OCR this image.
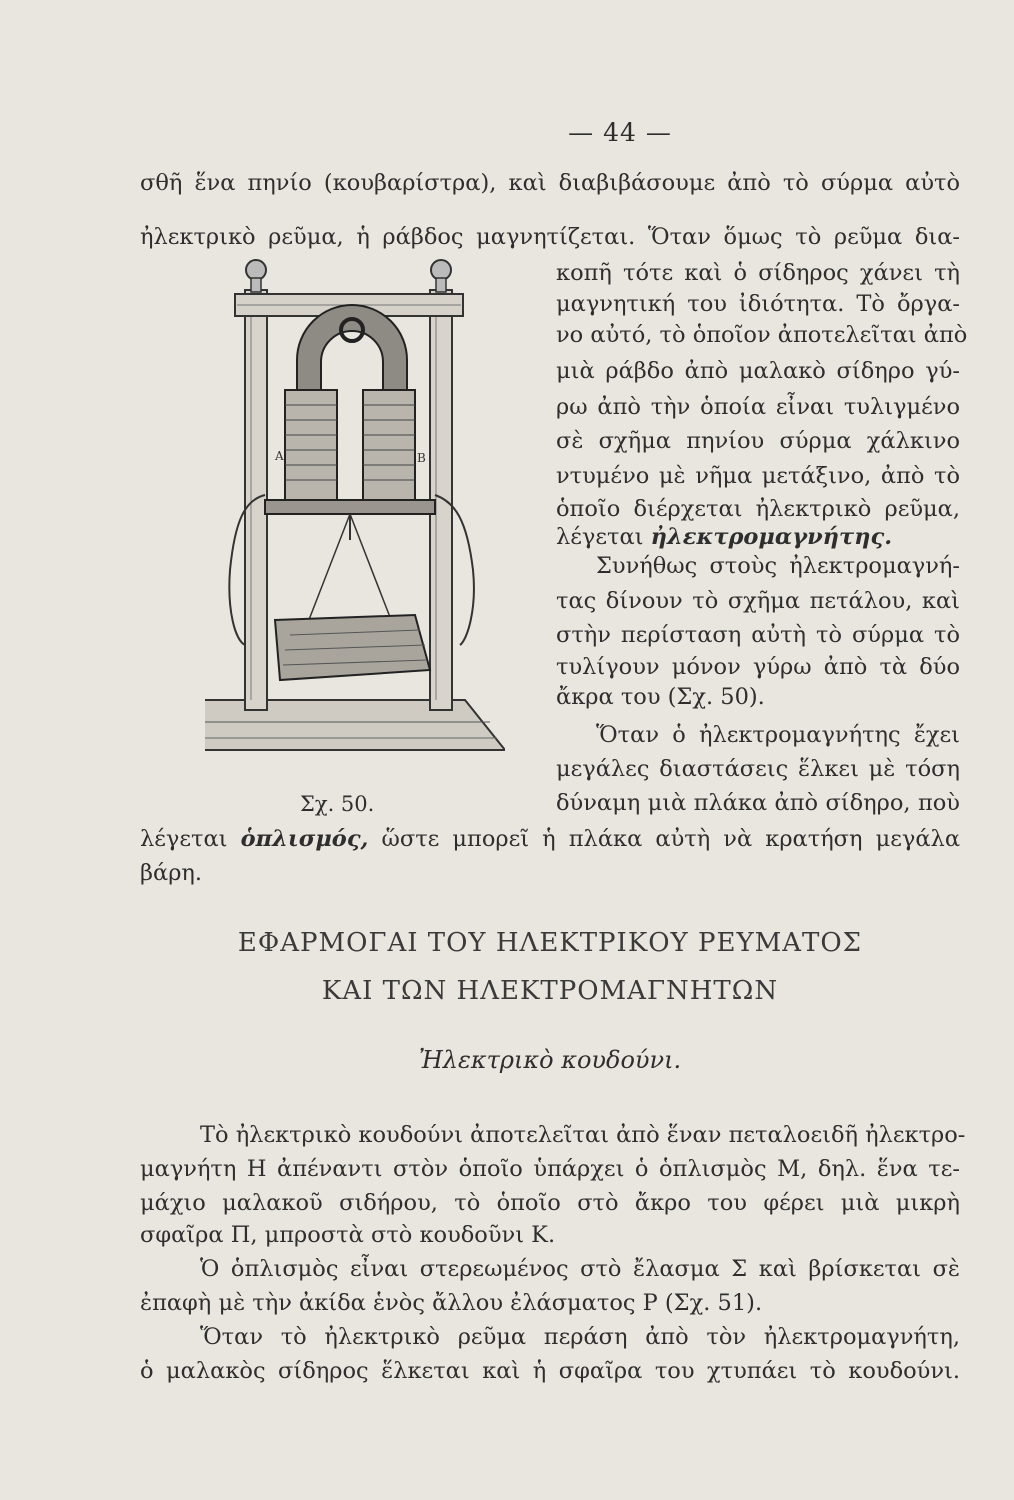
— 44 —
σθῆ ἕνα πηνίο (κουβαρίστρα), καὶ διαβιβάσουμε ἀπὸ τὸ σύρμα αὐτὸ
ἠλεκτρικὸ ρεῦμα, ἡ ράβδος μαγνητίζεται. Ὅταν ὅμως τὸ ρεῦμα δια-
κοπῆ τότε καὶ ὁ σίδηρος χάνει τὴ
μαγνητική του ἰδιότητα. Τὸ ὄργα-
νο αὐτό, τὸ ὁποῖον ἀποτελεῖται ἀπὸ
μιὰ ράβδο ἀπὸ μαλακὸ σίδηρο γύ-
ρω ἀπὸ τὴν ὁποία εἶναι τυλιγμένο
σὲ σχῆμα πηνίου σύρμα χάλκινο
ντυμένο μὲ νῆμα μετάξινο, ἀπὸ τὸ
ὁποῖο διέρχεται ἠλεκτρικὸ ρεῦμα,
λέγεται ἠλεκτρομαγνήτης.
Συνήθως στοὺς ἠλεκτρομαγνή-
τας δίνουν τὸ σχῆμα πετάλου, καὶ
στὴν περίσταση αὐτὴ τὸ σύρμα τὸ
τυλίγουν μόνον γύρω ἀπὸ τὰ δύο
ἄκρα του (Σχ. 50).
Ὅταν ὁ ἠλεκτρομαγνήτης ἔχει
μεγάλες διαστάσεις ἕλκει μὲ τόση
δύναμη μιὰ πλάκα ἀπὸ σίδηρο, ποὺ
A	B
Σχ. 50.
λέγεται ὁπλισμός, ὥστε μπορεῖ ἡ πλάκα αὐτὴ νὰ κρατήση μεγάλα
βάρη.
ΕΦΑΡΜΟΓΑΙ ΤΟΥ ΗΛΕΚΤΡΙΚΟΥ ΡΕΥΜΑΤΟΣ
ΚΑΙ ΤΩΝ ΗΛΕΚΤΡΟΜΑΓΝΗΤΩΝ
Ἠλεκτρικὸ κουδούνι.
Τὸ ἠλεκτρικὸ κουδούνι ἀποτελεῖται ἀπὸ ἕναν πεταλοειδῆ ἠλεκτρο-
μαγνήτη Η ἀπέναντι στὸν ὁποῖο ὑπάρχει ὁ ὁπλισμὸς Μ, δηλ. ἕνα τε-
μάχιο μαλακοῦ σιδήρου, τὸ ὁποῖο στὸ ἄκρο του φέρει μιὰ μικρὴ
σφαῖρα Π, μπροστὰ στὸ κουδοῦνι Κ.
Ὁ ὁπλισμὸς εἶναι στερεωμένος στὸ ἔλασμα Σ καὶ βρίσκεται σὲ
ἐπαφὴ μὲ τὴν ἀκίδα ἑνὸς ἄλλου ἐλάσματος Ρ (Σχ. 51).
Ὅταν τὸ ἠλεκτρικὸ ρεῦμα περάση ἀπὸ τὸν ἠλεκτρομαγνήτη,
ὁ μαλακὸς σίδηρος ἕλκεται καὶ ἡ σφαῖρα του χτυπάει τὸ κουδούνι.
